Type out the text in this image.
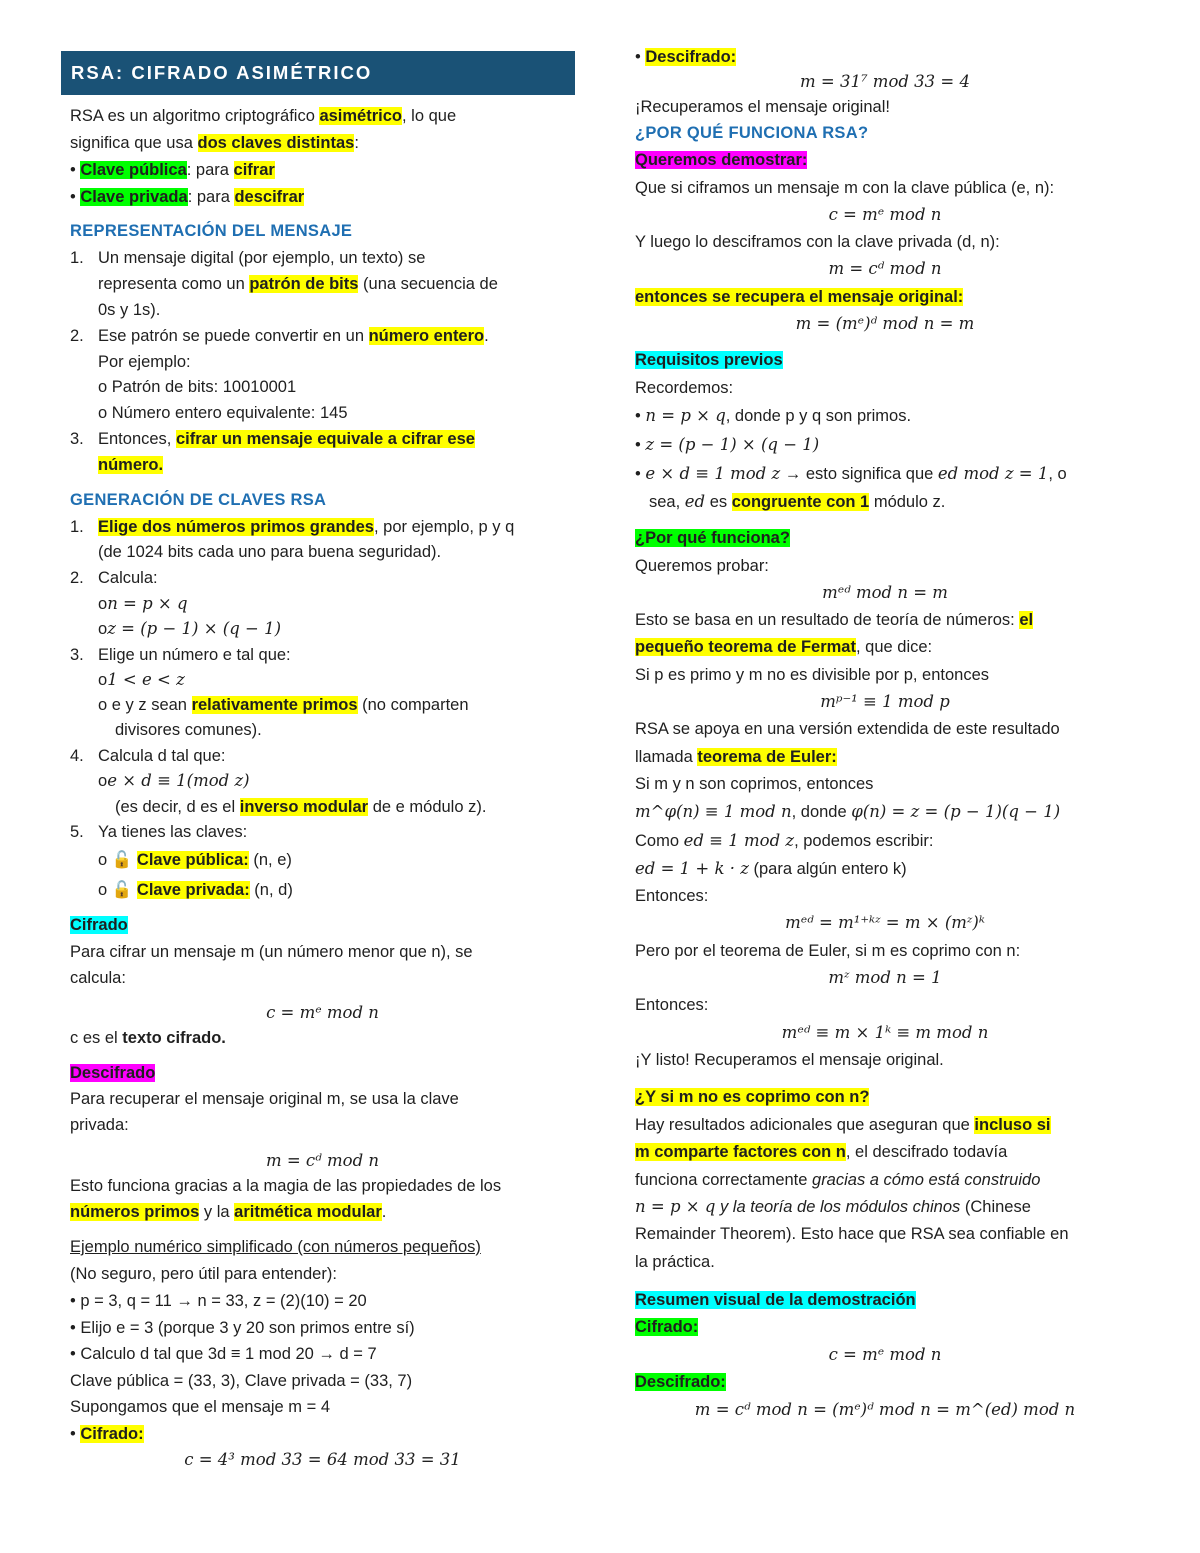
RSA: CIFRADO ASIMÉTRICO
RSA es un algoritmo criptográfico asimétrico, lo que
significa que usa dos claves distintas:
• Clave pública: para cifrar
• Clave privada: para descifrar
REPRESENTACIÓN DEL MENSAJE
1. Un mensaje digital (por ejemplo, un texto) se
representa como un patrón de bits (una secuencia de
0s y 1s).
2. Ese patrón se puede convertir en un número entero.
Por ejemplo:
o Patrón de bits: 10010001
o Número entero equivalente: 145
3. Entonces, cifrar un mensaje equivale a cifrar ese
número.
GENERACIÓN DE CLAVES RSA
1. Elige dos números primos grandes, por ejemplo, p y q
(de 1024 bits cada uno para buena seguridad).
2. Calcula:
on = p × q
oz = (p − 1) × (q − 1)
3. Elige un número e tal que:
o1 < e < z
o e y z sean relativamente primos (no comparten
divisores comunes).
4. Calcula d tal que:
oe × d ≡ 1(mod z)
(es decir, d es el inverso modular de e módulo z).
5. Ya tienes las claves:
o 🔓 Clave pública: (n, e)
o 🔓 Clave privada: (n, d)
Cifrado
Para cifrar un mensaje m (un número menor que n), se
calcula:
c = mᵉ mod n
c es el texto cifrado.
Descifrado
Para recuperar el mensaje original m, se usa la clave
privada:
m = cᵈ mod n
Esto funciona gracias a la magia de las propiedades de los
números primos y la aritmética modular.
Ejemplo numérico simplificado (con números pequeños)
(No seguro, pero útil para entender):
• p = 3, q = 11 → n = 33, z = (2)(10) = 20
• Elijo e = 3 (porque 3 y 20 son primos entre sí)
• Calculo d tal que 3d ≡ 1 mod 20 → d = 7
Clave pública = (33, 3), Clave privada = (33, 7)
Supongamos que el mensaje m = 4
• Cifrado:
c = 4³ mod 33 = 64 mod 33 = 31
• Descifrado:
m = 31⁷ mod 33 = 4
¡Recuperamos el mensaje original!
¿POR QUÉ FUNCIONA RSA?
Queremos demostrar:
Que si ciframos un mensaje m con la clave pública (e, n):
c = mᵉ mod n
Y luego lo desciframos con la clave privada (d, n):
m = cᵈ mod n
entonces se recupera el mensaje original:
m = (mᵉ)ᵈ mod n = m
Requisitos previos
Recordemos:
• n = p × q, donde p y q son primos.
• z = (p − 1) × (q − 1)
• e × d ≡ 1 mod z → esto significa que ed mod z = 1, o
sea, ed es congruente con 1 módulo z.
¿Por qué funciona?
Queremos probar:
mᵉᵈ mod n = m
Esto se basa en un resultado de teoría de números: el
pequeño teorema de Fermat, que dice:
Si p es primo y m no es divisible por p, entonces
mᵖ⁻¹ ≡ 1 mod p
RSA se apoya en una versión extendida de este resultado
llamada teorema de Euler:
Si m y n son coprimos, entonces
m^φ(n) ≡ 1 mod n, donde φ(n) = z = (p − 1)(q − 1)
Como ed ≡ 1 mod z, podemos escribir:
ed = 1 + k · z (para algún entero k)
Entonces:
mᵉᵈ = m¹⁺ᵏᶻ = m × (mᶻ)ᵏ
Pero por el teorema de Euler, si m es coprimo con n:
mᶻ mod n = 1
Entonces:
mᵉᵈ ≡ m × 1ᵏ ≡ m mod n
¡Y listo! Recuperamos el mensaje original.
¿Y si m no es coprimo con n?
Hay resultados adicionales que aseguran que incluso si
m comparte factores con n, el descifrado todavía
funciona correctamente gracias a cómo está construido
n = p × q y la teoría de los módulos chinos (Chinese
Remainder Theorem). Esto hace que RSA sea confiable en
la práctica.
Resumen visual de la demostración
Cifrado:
c = mᵉ mod n
Descifrado:
m = cᵈ mod n = (mᵉ)ᵈ mod n = m^(ed) mod n
